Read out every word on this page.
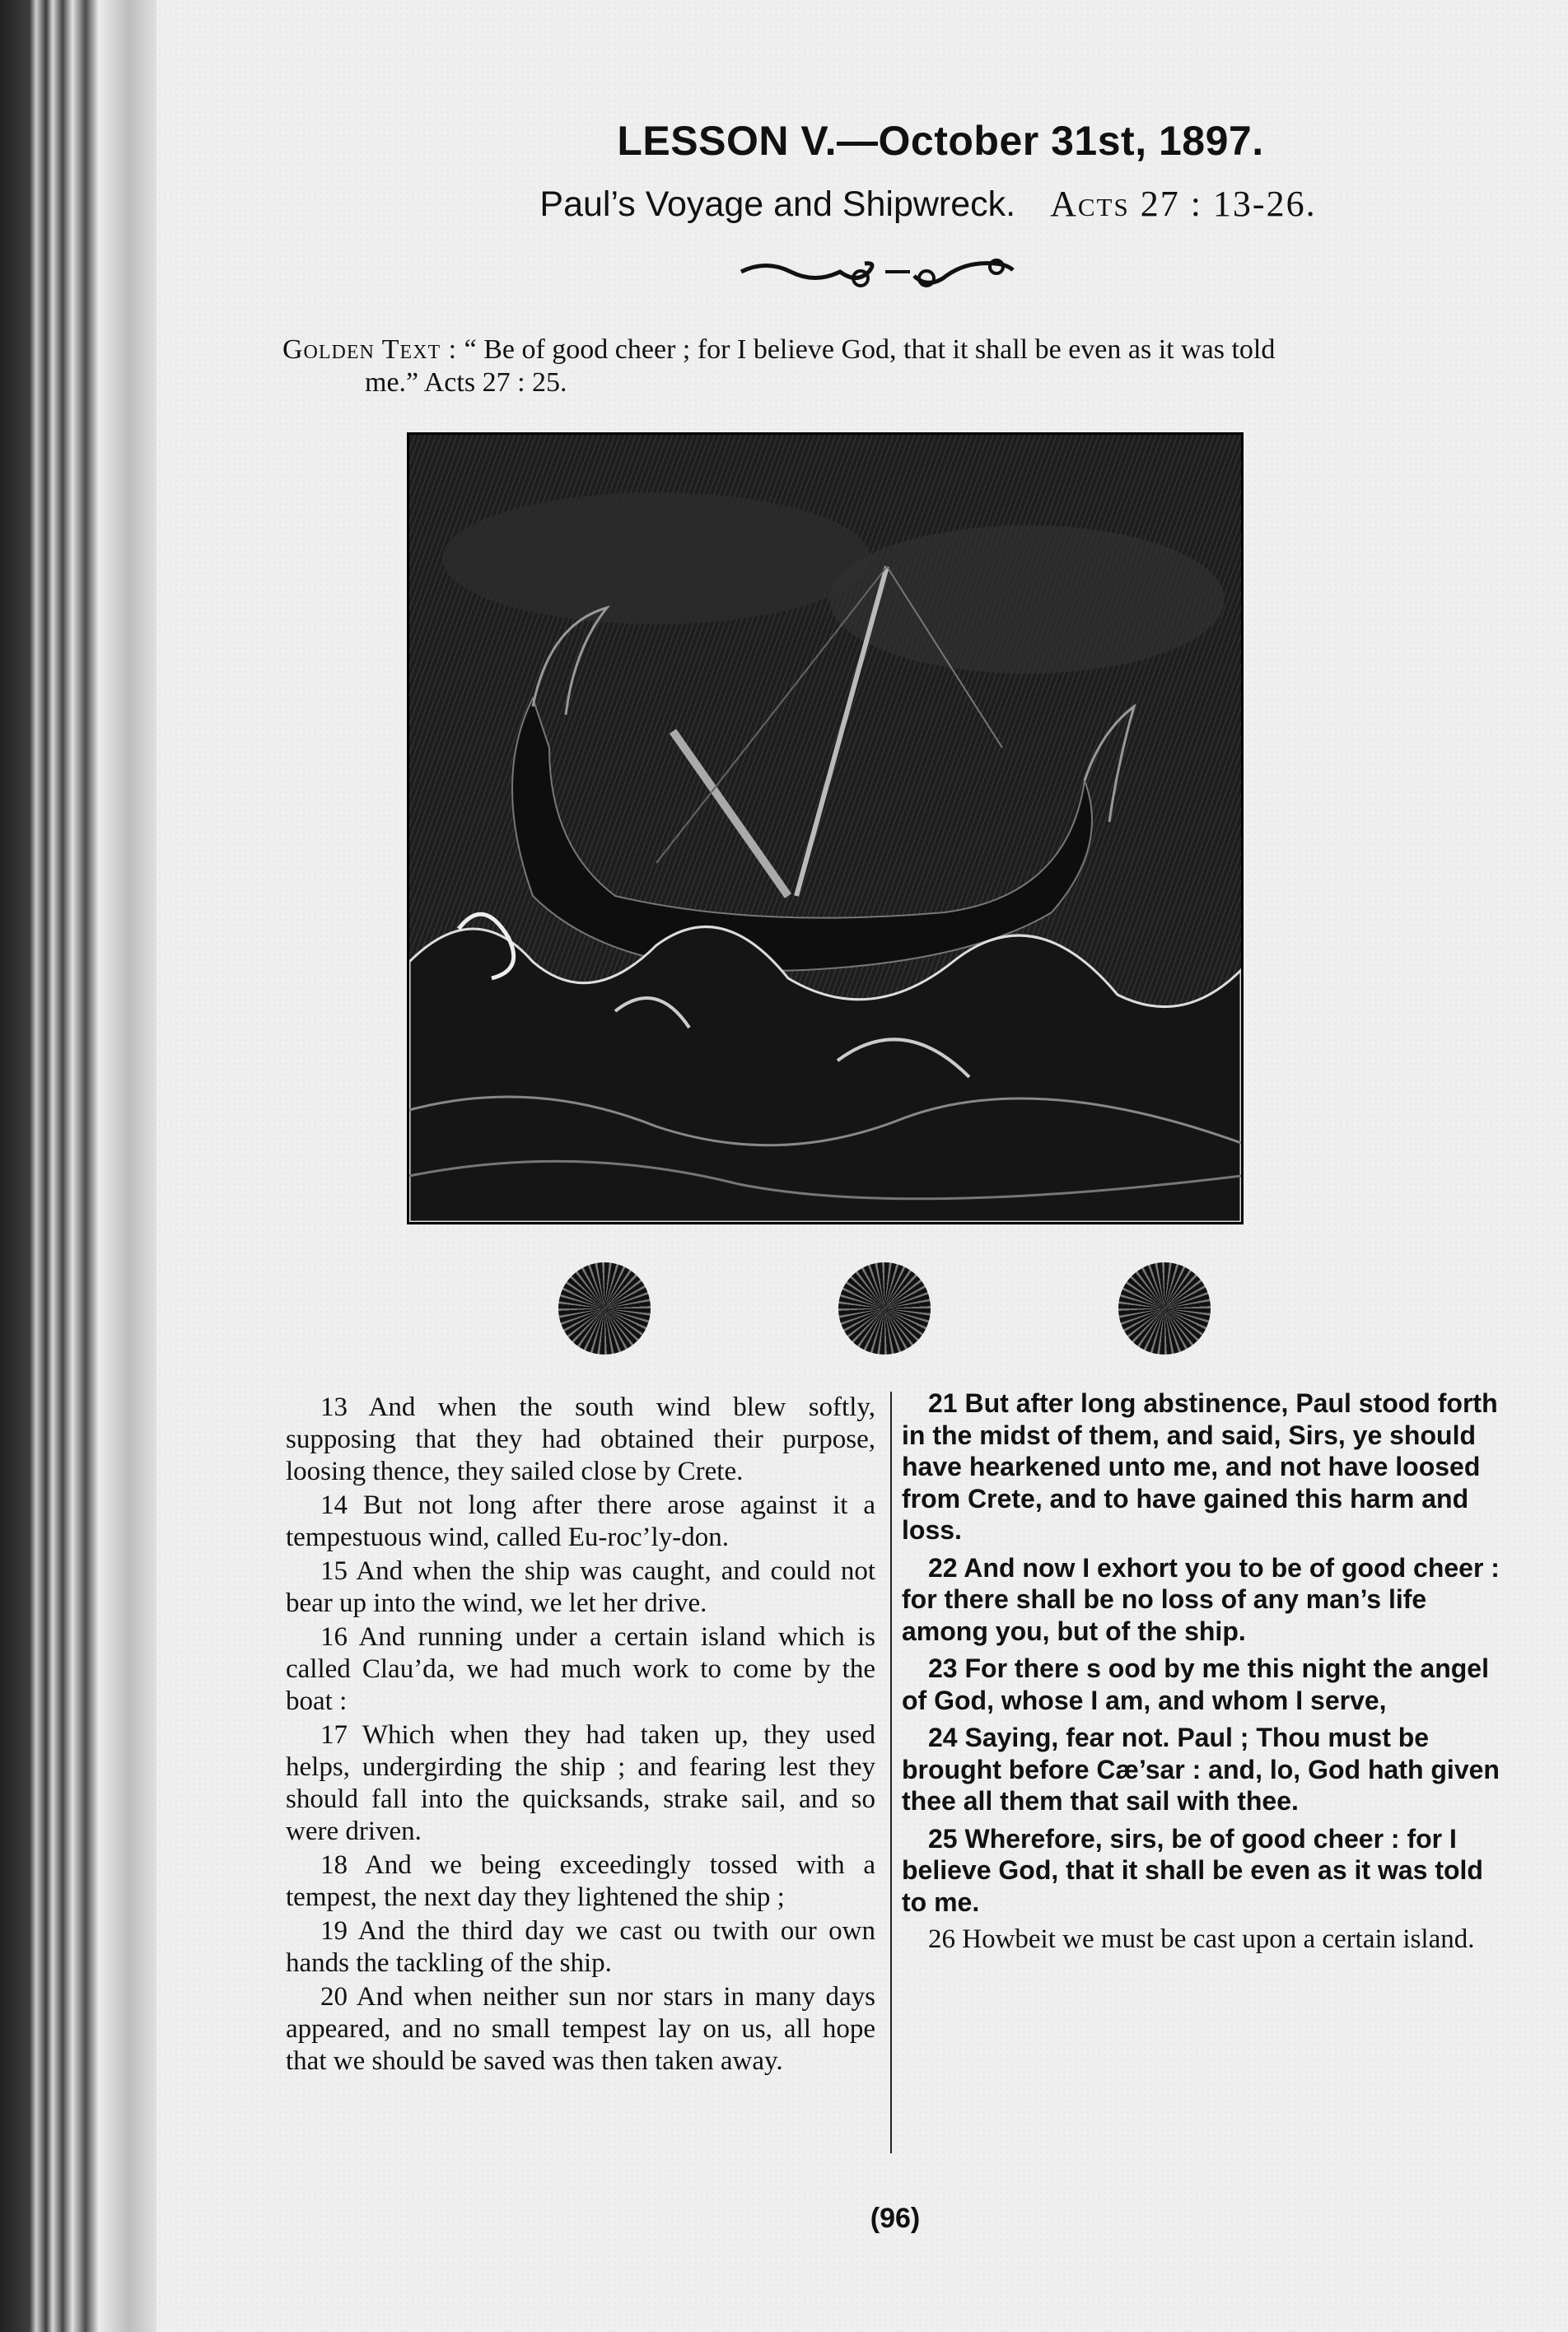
LESSON V.—October 31st, 1897.
Paul’s Voyage and Shipwreck. Acts 27 : 13-26.
Golden Text : “ Be of good cheer ; for I believe God, that it shall be even as it was told
me.” Acts 27 : 25.

13 And when the south wind blew softly, supposing that they had obtained their purpose, loosing thence, they sailed close by Crete.

14 But not long after there arose against it a tempestuous wind, called Eu-roc’ly-don.

15 And when the ship was caught, and could not bear up into the wind, we let her drive.

16 And running under a certain island which is called Clau’da, we had much work to come by the boat :

17 Which when they had taken up, they used helps, undergirding the ship ; and fearing lest they should fall into the quicksands, strake sail, and so were driven.

18 And we being exceedingly tossed with a tempest, the next day they lightened the ship ;

19 And the third day we cast ou twith our own hands the tackling of the ship.

20 And when neither sun nor stars in many days appeared, and no small tempest lay on us, all hope that we should be saved was then taken away.

21 But after long abstinence, Paul stood forth in the midst of them, and said, Sirs, ye should have hearkened unto me, and not have loosed from Crete, and to have gained this harm and loss.

22 And now I exhort you to be of good cheer : for there shall be no loss of any man’s life among you, but of the ship.

23 For there s ood by me this night the angel of God, whose I am, and whom I serve,

24 Saying, fear not. Paul ; Thou must be brought before Cæ’sar : and, lo, God hath given thee all them that sail with thee.

25 Wherefore, sirs, be of good cheer : for I believe God, that it shall be even as it was told to me.

26 Howbeit we must be cast upon a certain island.

(96)
